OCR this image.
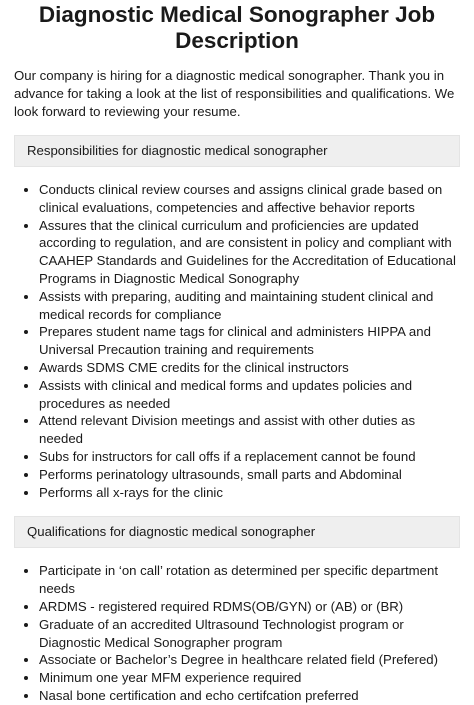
Diagnostic Medical Sonographer Job Description

Our company is hiring for a diagnostic medical sonographer. Thank you in advance for taking a look at the list of responsibilities and qualifications. We look forward to reviewing your resume.

Responsibilities for diagnostic medical sonographer
• Conducts clinical review courses and assigns clinical grade based on clinical evaluations, competencies and affective behavior reports
• Assures that the clinical curriculum and proficiencies are updated according to regulation, and are consistent in policy and compliant with CAAHEP Standards and Guidelines for the Accreditation of Educational Programs in Diagnostic Medical Sonography
• Assists with preparing, auditing and maintaining student clinical and medical records for compliance
• Prepares student name tags for clinical and administers HIPPA and Universal Precaution training and requirements
• Awards SDMS CME credits for the clinical instructors
• Assists with clinical and medical forms and updates policies and procedures as needed
• Attend relevant Division meetings and assist with other duties as needed
• Subs for instructors for call offs if a replacement cannot be found
• Performs perinatology ultrasounds, small parts and Abdominal
• Performs all x-rays for the clinic
Qualifications for diagnostic medical sonographer
• Participate in ‘on call’ rotation as determined per specific department needs
• ARDMS - registered required RDMS(OB/GYN) or (AB) or (BR)
• Graduate of an accredited Ultrasound Technologist program or Diagnostic Medical Sonographer program
• Associate or Bachelor’s Degree in healthcare related field (Prefered)
• Minimum one year MFM experience required
• Nasal bone certification and echo certifcation preferred
